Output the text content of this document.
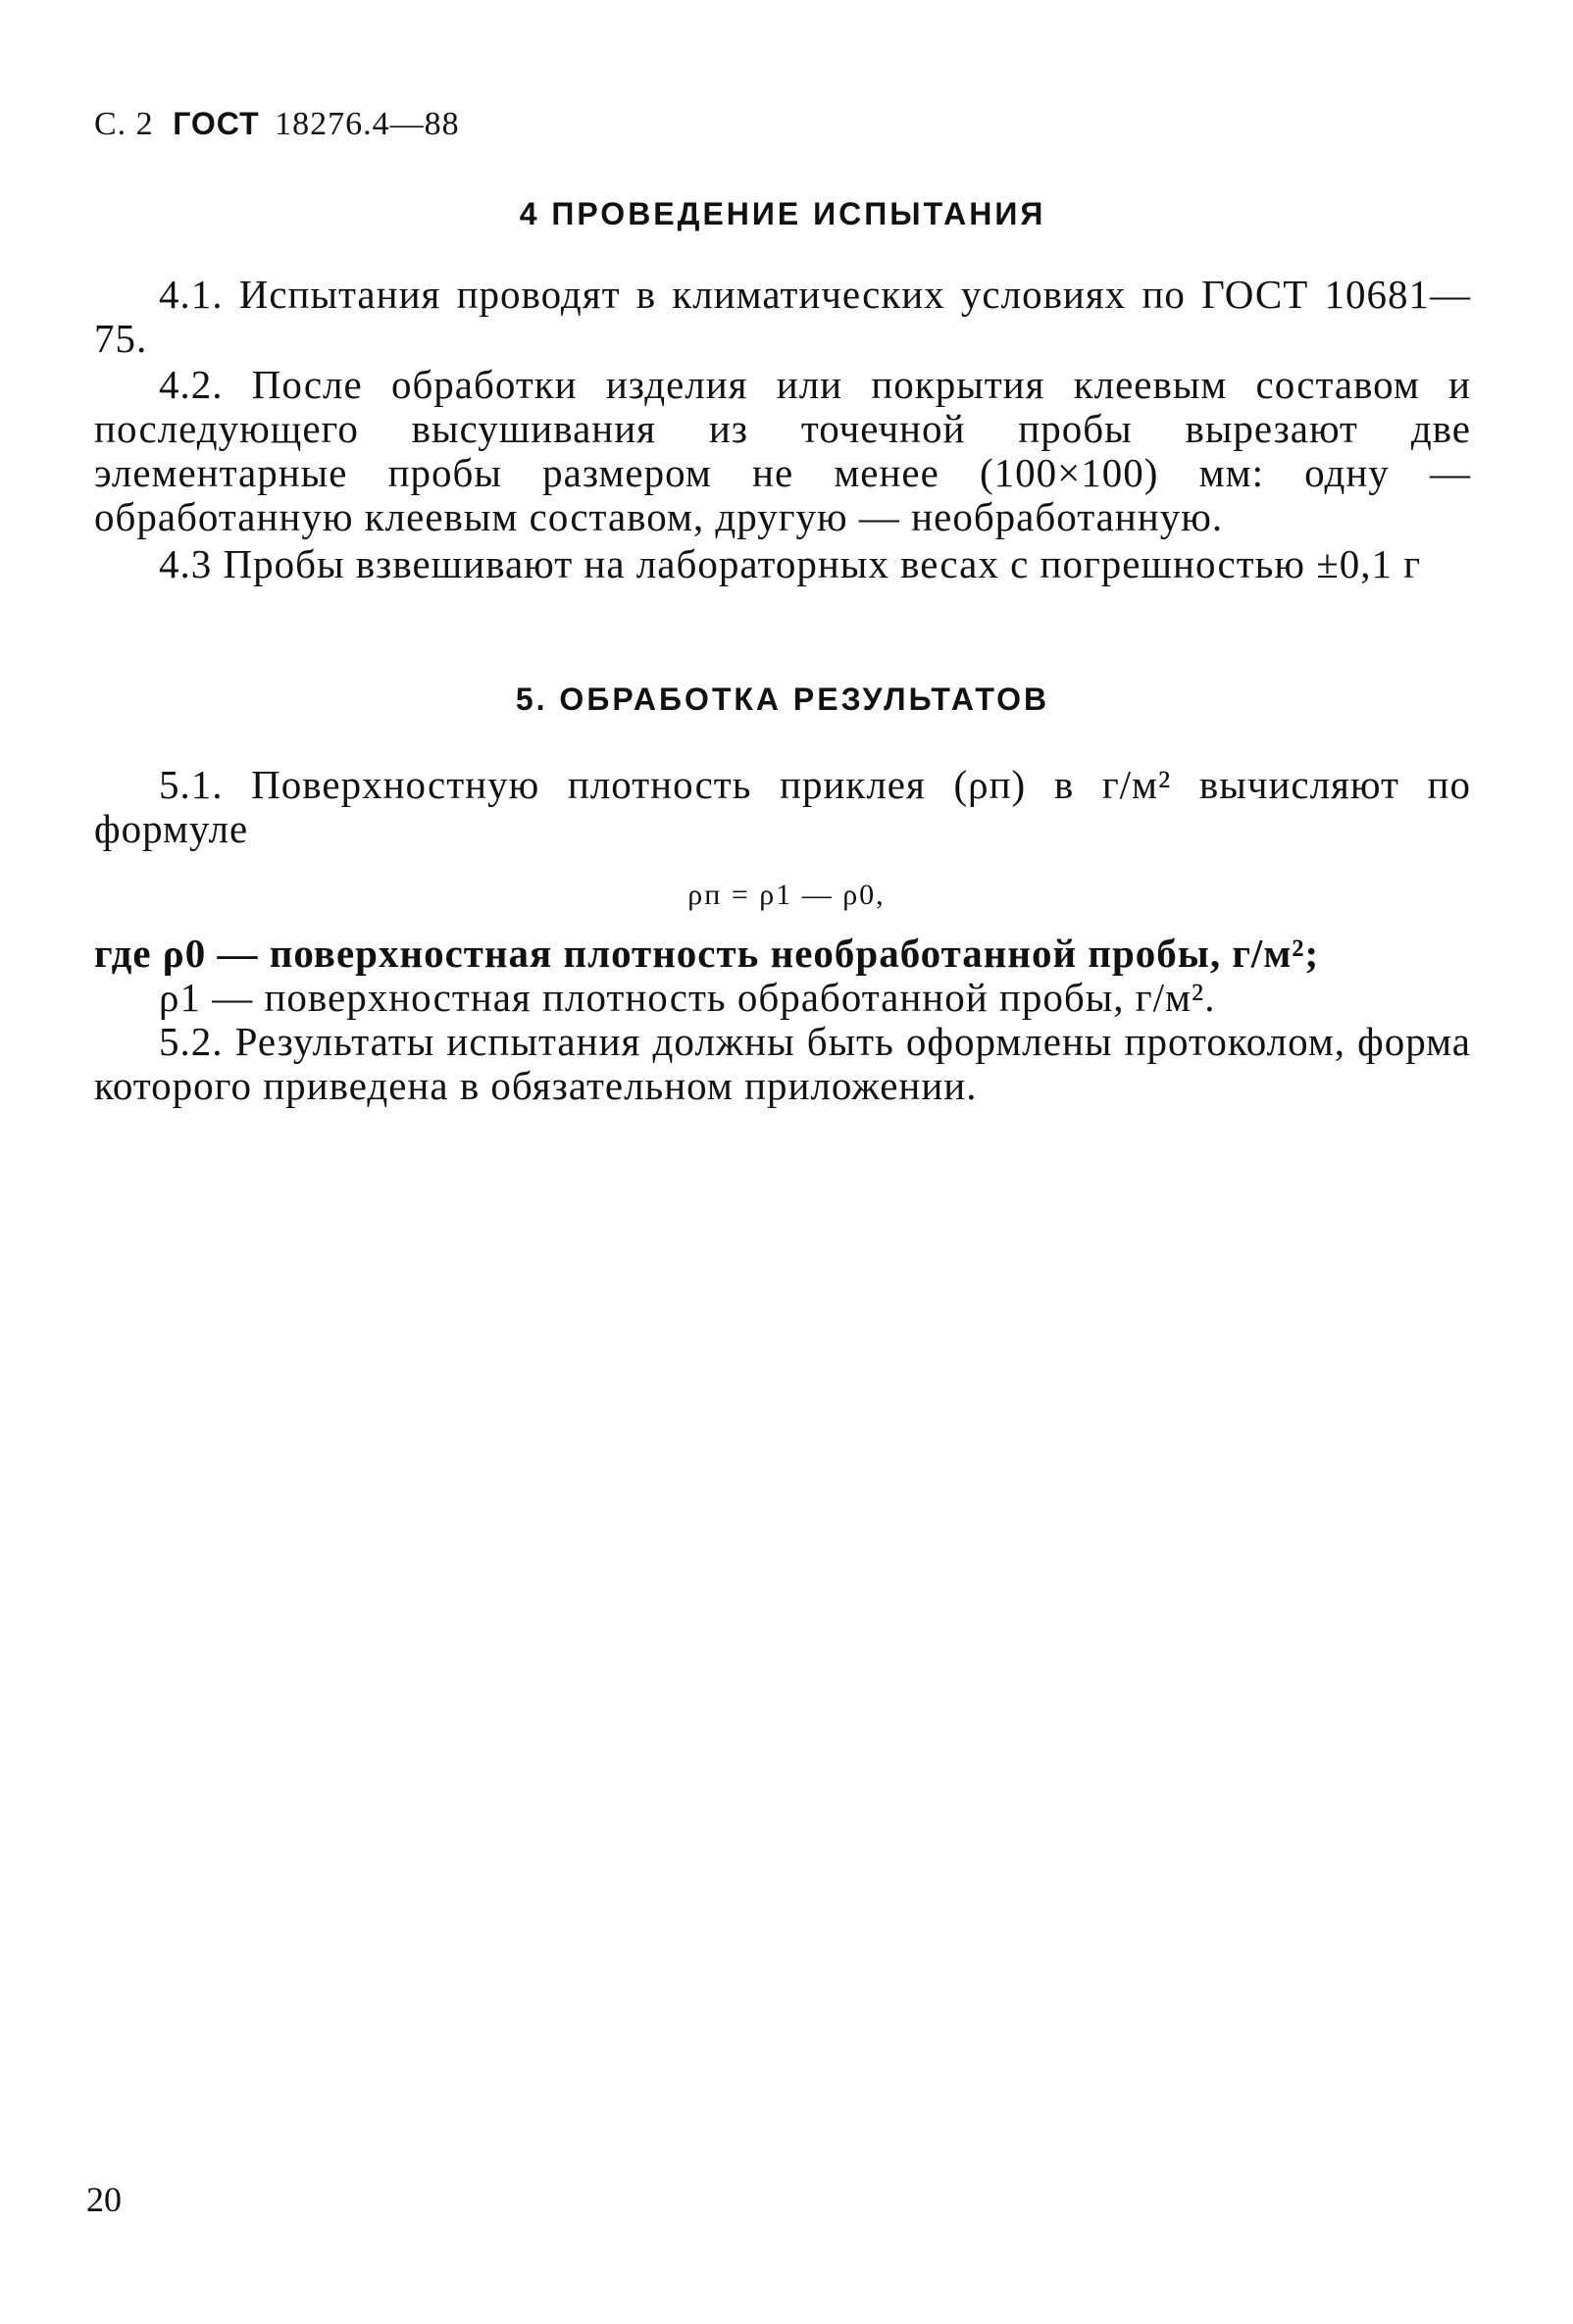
С. 2 ГОСТ 18276.4—88
4 ПРОВЕДЕНИЕ ИСПЫТАНИЯ
4.1. Испытания проводят в климатических условиях по ГОСТ 10681—75.
4.2. После обработки изделия или покрытия клеевым составом и последующего высушивания из точечной пробы вырезают две элементарные пробы размером не менее (100×100) мм: одну — обработанную клеевым составом, другую — необработанную.
4.3 Пробы взвешивают на лабораторных весах с погрешностью ±0,1 г
5. ОБРАБОТКА РЕЗУЛЬТАТОВ
5.1. Поверхностную плотность приклея (ρп) в г/м² вычисляют по формуле
ρп = ρ1 — ρ0,
где ρ0 — поверхностная плотность необработанной пробы, г/м²;
ρ1 — поверхностная плотность обработанной пробы, г/м².
5.2. Результаты испытания должны быть оформлены протоколом, форма которого приведена в обязательном приложении.
20
